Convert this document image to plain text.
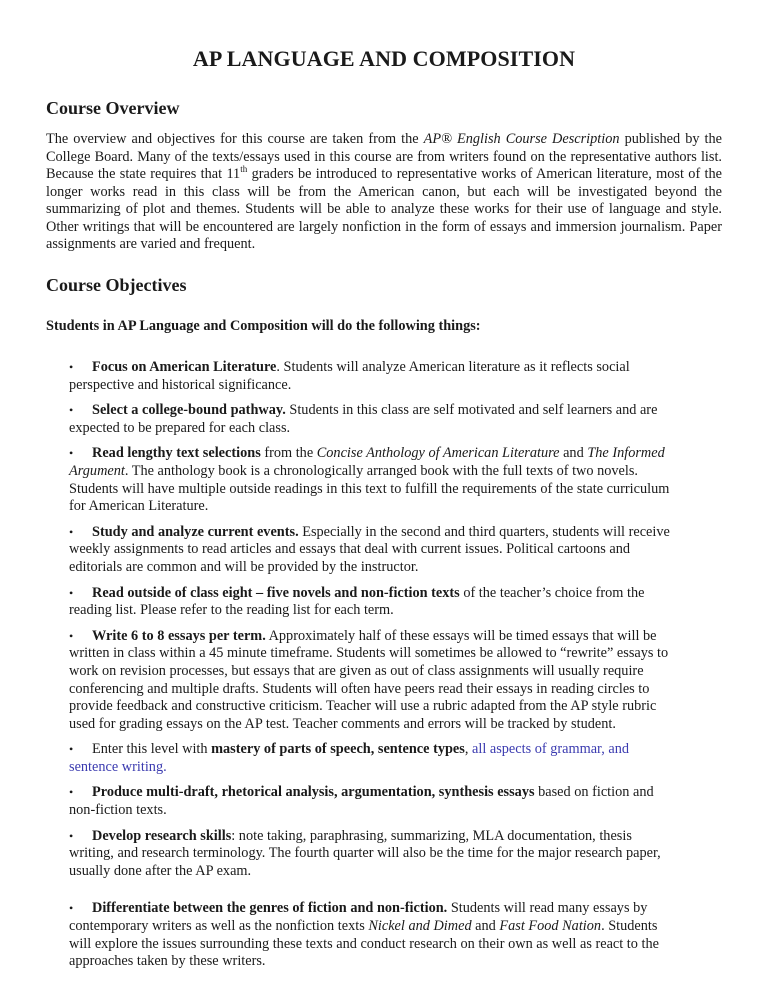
AP LANGUAGE AND COMPOSITION
Course Overview

The overview and objectives for this course are taken from the AP® English Course Description published by the College Board. Many of the texts/essays used in this course are from writers found on the representative authors list. Because the state requires that 11th graders be introduced to representative works of American literature, most of the longer works read in this class will be from the American canon, but each will be investigated beyond the summarizing of plot and themes. Students will be able to analyze these works for their use of language and style. Other writings that will be encountered are largely nonfiction in the form of essays and immersion journalism. Paper assignments are varied and frequent.

Course Objectives

Students in AP Language and Composition will do the following things:

• Focus on American Literature. Students will analyze American literature as it reflects social perspective and historical significance.
• Select a college-bound pathway. Students in this class are self motivated and self learners and are expected to be prepared for each class.
• Read lengthy text selections from the Concise Anthology of American Literature and The Informed Argument. The anthology book is a chronologically arranged book with the full texts of two novels. Students will have multiple outside readings in this text to fulfill the requirements of the state curriculum for American Literature.
• Study and analyze current events. Especially in the second and third quarters, students will receive weekly assignments to read articles and essays that deal with current issues. Political cartoons and editorials are common and will be provided by the instructor.
• Read outside of class eight – five novels and non-fiction texts of the teacher’s choice from the reading list. Please refer to the reading list for each term.
• Write 6 to 8 essays per term. Approximately half of these essays will be timed essays that will be written in class within a 45 minute timeframe. Students will sometimes be allowed to “rewrite” essays to work on revision processes, but essays that are given as out of class assignments will usually require conferencing and multiple drafts. Students will often have peers read their essays in reading circles to provide feedback and constructive criticism. Teacher will use a rubric adapted from the AP style rubric used for grading essays on the AP test. Teacher comments and errors will be tracked by student.
• Enter this level with mastery of parts of speech, sentence types, all aspects of grammar, and sentence writing.
• Produce multi-draft, rhetorical analysis, argumentation, synthesis essays based on fiction and non-fiction texts.
• Develop research skills: note taking, paraphrasing, summarizing, MLA documentation, thesis writing, and research terminology. The fourth quarter will also be the time for the major research paper, usually done after the AP exam.
• Differentiate between the genres of fiction and non-fiction. Students will read many essays by contemporary writers as well as the nonfiction texts Nickel and Dimed and Fast Food Nation. Students will explore the issues surrounding these texts and conduct research on their own as well as react to the approaches taken by these writers.
